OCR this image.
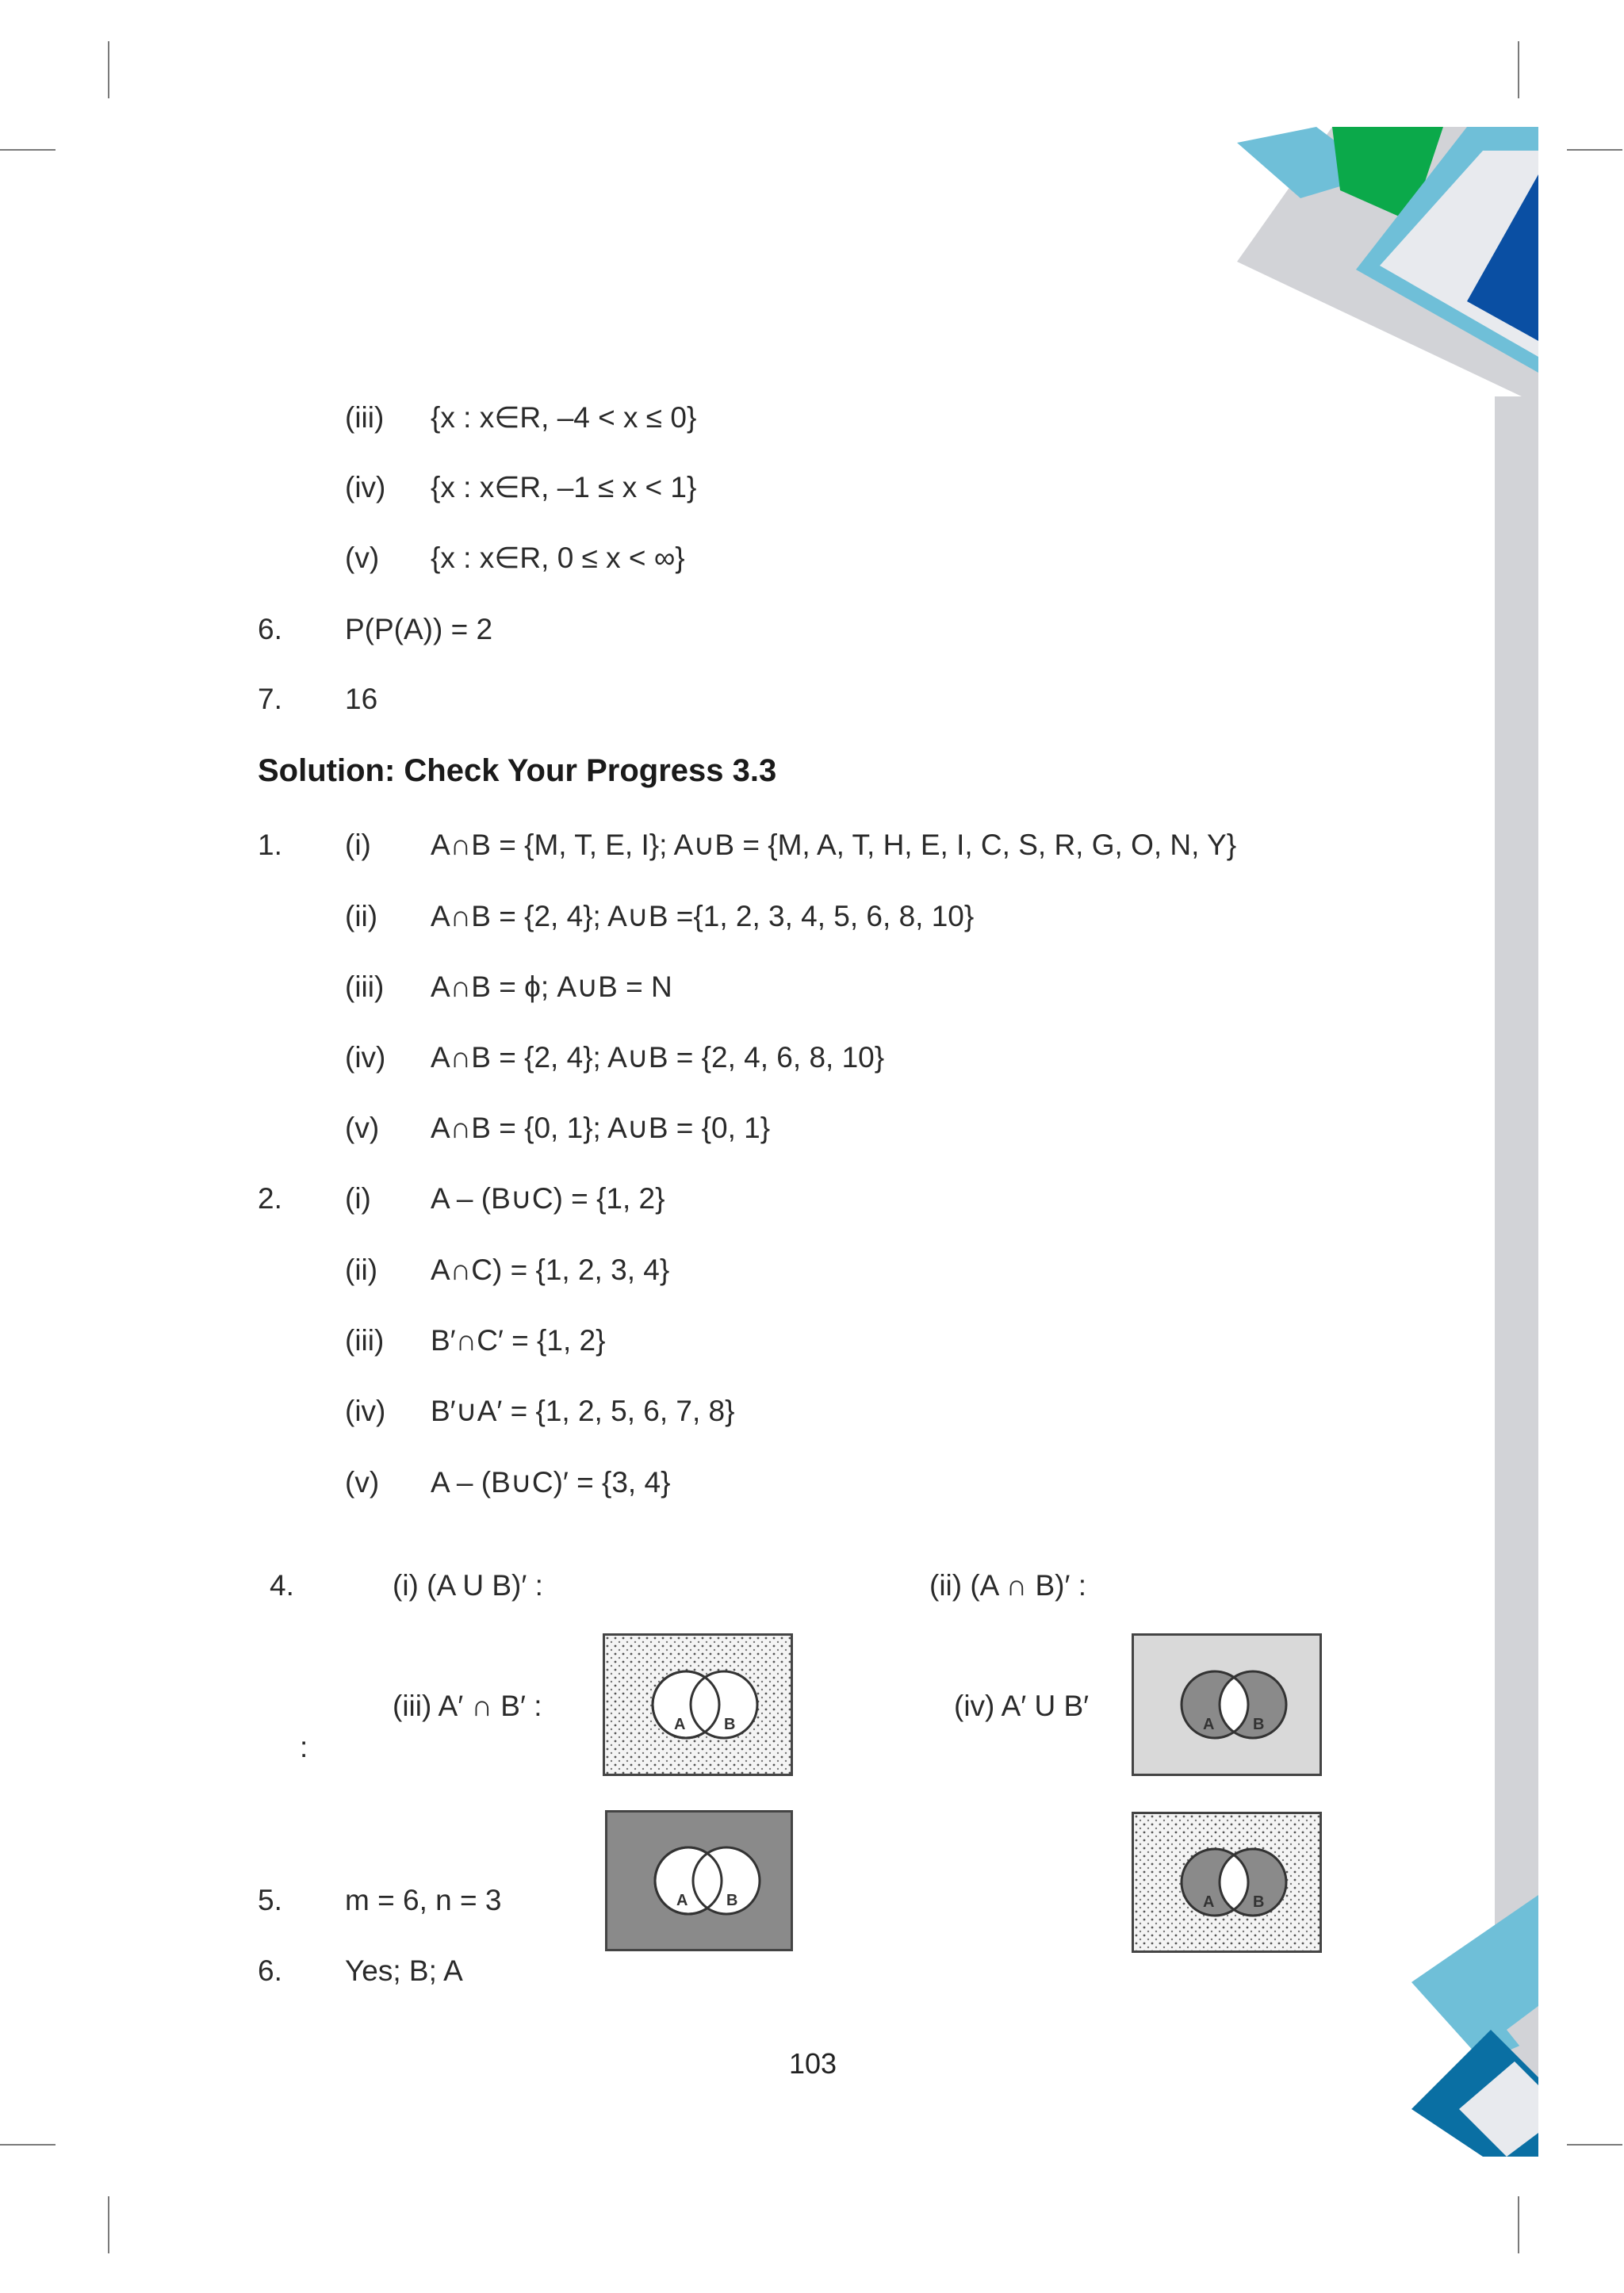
(iii) {x : x∈R, –4 < x ≤ 0}
(iv) {x : x∈R, –1 ≤ x < 1}
(v) {x : x∈R, 0 ≤ x < ∞}
6. P(P(A)) = 2
7. 16
Solution: Check Your Progress 3.3
1. (i) A∩B = {M, T, E, I}; A∪B = {M, A, T, H, E, I, C, S, R, G, O, N, Y}
(ii) A∩B = {2, 4}; A∪B ={1, 2, 3, 4, 5, 6, 8, 10}
(iii) A∩B = ϕ; A∪B = N
(iv) A∩B = {2, 4}; A∪B = {2, 4, 6, 8, 10}
(v) A∩B = {0, 1}; A∪B = {0, 1}
2. (i) A – (B∪C) = {1, 2}
(ii) A∩C) = {1, 2, 3, 4}
(iii) B′∩C′ = {1, 2}
(iv) B′∪A′ = {1, 2, 5, 6, 7, 8}
(v) A – (B∪C)′ = {3, 4}
4.	(i) (A U B)′ :	(ii) (A ∩ B)′ :
(iii) A′ ∩ B′ :	(iv) A′ U B′
:
A B	A B
A B	A B
5. m = 6, n = 3
6. Yes; B; A
103
